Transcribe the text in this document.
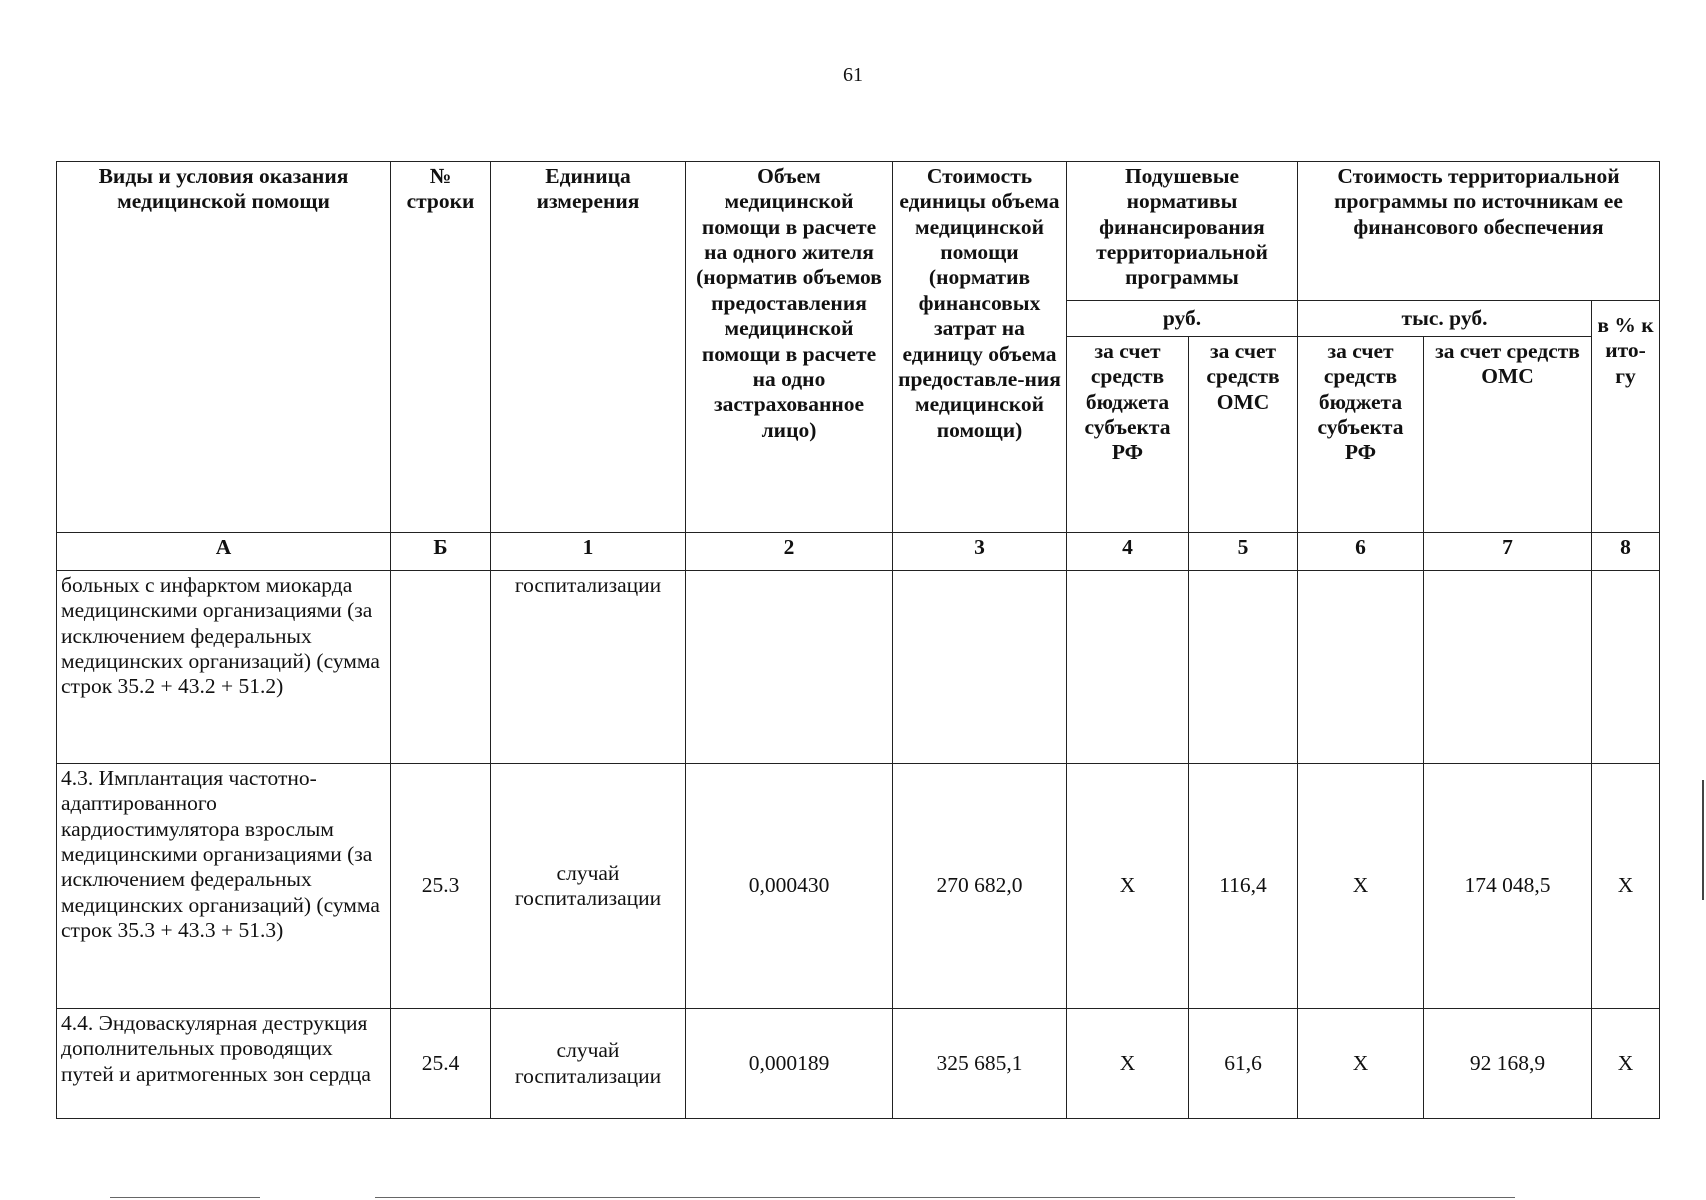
61
Виды и условия оказания медицинской помощи	№ строки	Единица измерения	Объем медицинской помощи в расчете на одного жителя (норматив объемов предоставления медицинской помощи в расчете на одно застрахованное лицо)	Стоимость единицы объема медицинской помощи (норматив финансовых затрат на единицу объема предоставле-ния медицинской помощи)	Подушевые нормативы финансирования территориальной программы		Стоимость территориальной программы по источникам ее финансового обеспечения		
					руб.		тыс. руб.		в % к ито-гу
					за счет средств бюджета субъекта РФ	за счет средств ОМС	за счет средств бюджета субъекта РФ	за счет средств ОМС	
А	Б	1	2	3	4	5	6	7	8
больных с инфарктом миокарда медицинскими организациями (за исключением федеральных медицинских организаций) (сумма строк 35.2 + 43.2 + 51.2)		госпитализации							
4.3. Имплантация частотно-адаптированного кардиостимулятора взрослым медицинскими организациями (за исключением федеральных медицинских организаций) (сумма строк 35.3 + 43.3 + 51.3)	25.3	случай госпитализации	0,000430	270 682,0	Х	116,4	Х	174 048,5	Х
4.4. Эндоваскулярная деструкция дополнительных проводящих путей и аритмогенных зон сердца	25.4	случай госпитализации	0,000189	325 685,1	Х	61,6	Х	92 168,9	Х
